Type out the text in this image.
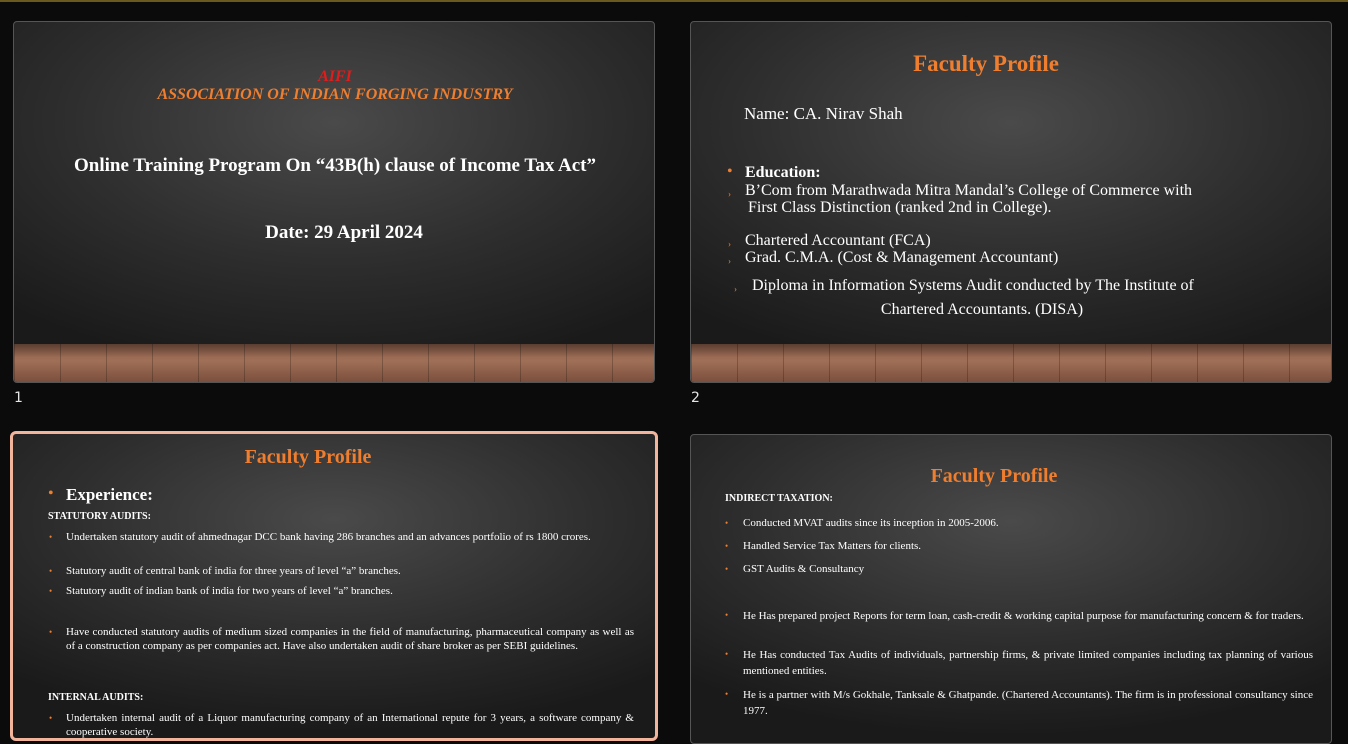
AIFI

ASSOCIATION OF INDIAN FORGING INDUSTRY

Online Training Program On “43B(h) clause of Income Tax Act”

Date: 29 April 2024

1

Faculty Profile

Name: CA. Nirav Shah

• Education:

› B’Com from Marathwada Mitra Mandal’s College of Commerce with

First Class Distinction (ranked 2nd in College).

› Chartered Accountant (FCA)

› Grad. C.M.A. (Cost & Management Accountant)

› Diploma in Information Systems Audit conducted by The Institute of

Chartered Accountants. (DISA)

2

Faculty Profile

• Experience:

STATUTORY AUDITS:

• Undertaken statutory audit of ahmednagar DCC bank having 286 branches and an advances portfolio of rs 1800 crores.

• Statutory audit of central bank of india for three years of level “a” branches.

• Statutory audit of indian bank of india for two years of level “a” branches.

• Have conducted statutory audits of medium sized companies in the field of manufacturing, pharmaceutical company as well as of a construction company as per companies act. Have also undertaken audit of share broker as per SEBI guidelines.

INTERNAL AUDITS:

• Undertaken internal audit of a Liquor manufacturing company of an International repute for 3 years, a software company & cooperative society.

Faculty Profile

INDIRECT TAXATION:

• Conducted MVAT audits since its inception in 2005-2006.

• Handled Service Tax Matters for clients.

• GST Audits & Consultancy

• He Has prepared project Reports for term loan, cash-credit & working capital purpose for manufacturing concern & for traders.

• He Has conducted Tax Audits of individuals, partnership firms, & private limited companies including tax planning of various mentioned entities.

• He is a partner with M/s Gokhale, Tanksale & Ghatpande. (Chartered Accountants). The firm is in professional consultancy since 1977.
